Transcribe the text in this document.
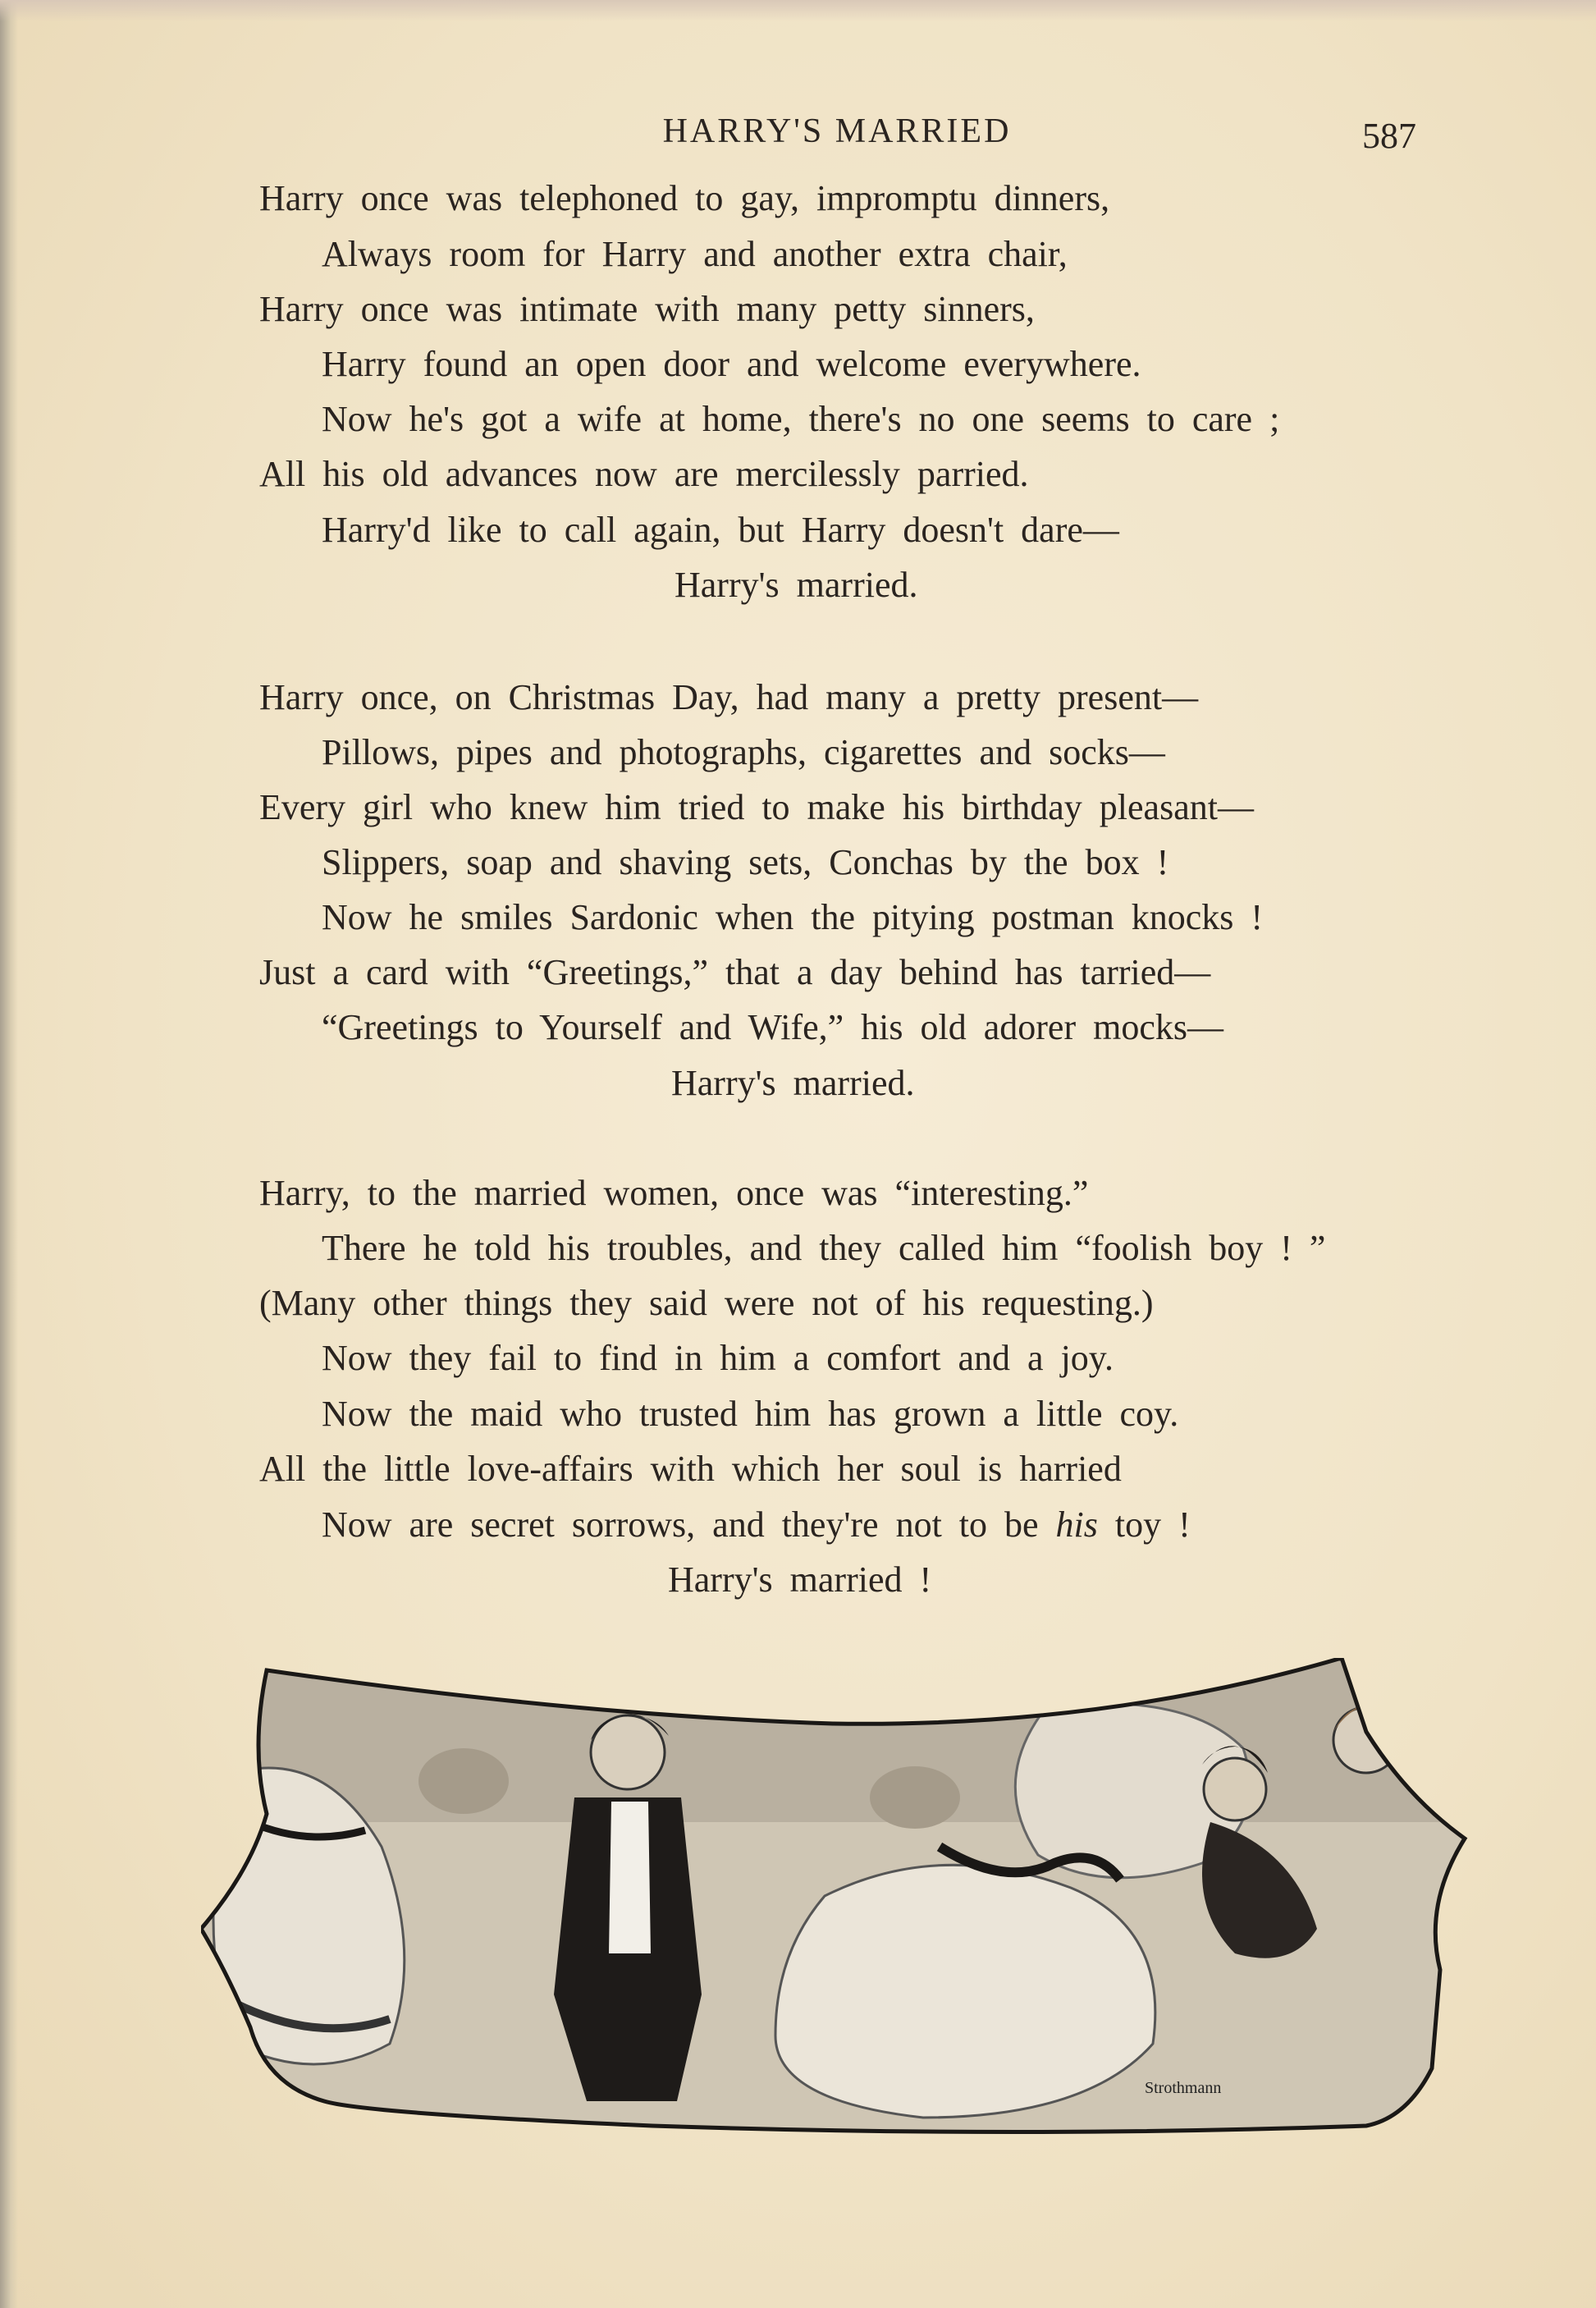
HARRY'S MARRIED	587
Harry once was telephoned to gay, impromptu dinners,
Always room for Harry and another extra chair,
Harry once was intimate with many petty sinners,
Harry found an open door and welcome everywhere.
Now he's got a wife at home, there's no one seems to care ;
All his old advances now are mercilessly parried.
Harry'd like to call again, but Harry doesn't dare—
Harry's married.
Harry once, on Christmas Day, had many a pretty present—
Pillows, pipes and photographs, cigarettes and socks—
Every girl who knew him tried to make his birthday pleasant—
Slippers, soap and shaving sets, Conchas by the box !
Now he smiles Sardonic when the pitying postman knocks !
Just a card with “Greetings,” that a day behind has tarried—
“Greetings to Yourself and Wife,” his old adorer mocks—
Harry's married.
Harry, to the married women, once was “interesting.”
There he told his troubles, and they called him “foolish boy ! ”
(Many other things they said were not of his requesting.)
Now they fail to find in him a comfort and a joy.
Now the maid who trusted him has grown a little coy.
All the little love-affairs with which her soul is harried
Now are secret sorrows, and they're not to be his toy !
Harry's married !
Strothmann
